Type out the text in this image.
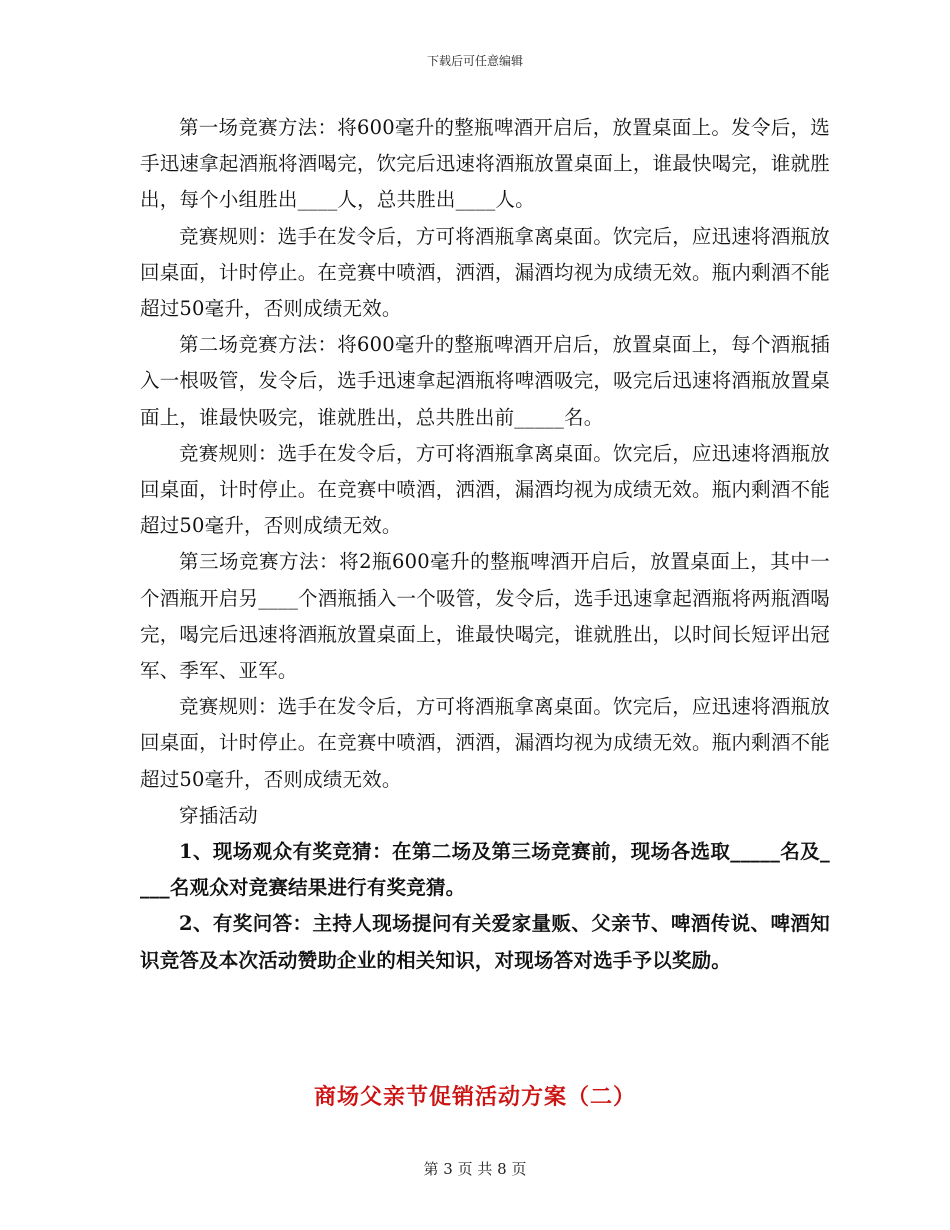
下载后可任意编辑

第一场竞赛方法：将600毫升的整瓶啤酒开启后，放置桌面上。发令后，选手迅速拿起酒瓶将酒喝完，饮完后迅速将酒瓶放置桌面上，谁最快喝完，谁就胜出，每个小组胜出____人，总共胜出____人。

竞赛规则：选手在发令后，方可将酒瓶拿离桌面。饮完后，应迅速将酒瓶放回桌面，计时停止。在竞赛中喷酒，洒酒，漏酒均视为成绩无效。瓶内剩酒不能超过50毫升，否则成绩无效。

第二场竞赛方法：将600毫升的整瓶啤酒开启后，放置桌面上，每个酒瓶插入一根吸管，发令后，选手迅速拿起酒瓶将啤酒吸完，吸完后迅速将酒瓶放置桌面上，谁最快吸完，谁就胜出，总共胜出前_____名。

竞赛规则：选手在发令后，方可将酒瓶拿离桌面。饮完后，应迅速将酒瓶放回桌面，计时停止。在竞赛中喷酒，洒酒，漏酒均视为成绩无效。瓶内剩酒不能超过50毫升，否则成绩无效。

第三场竞赛方法：将2瓶600毫升的整瓶啤酒开启后，放置桌面上，其中一个酒瓶开启另____个酒瓶插入一个吸管，发令后，选手迅速拿起酒瓶将两瓶酒喝完，喝完后迅速将酒瓶放置桌面上，谁最快喝完，谁就胜出，以时间长短评出冠军、季军、亚军。

竞赛规则：选手在发令后，方可将酒瓶拿离桌面。饮完后，应迅速将酒瓶放回桌面，计时停止。在竞赛中喷酒，洒酒，漏酒均视为成绩无效。瓶内剩酒不能超过50毫升，否则成绩无效。

穿插活动

1、现场观众有奖竞猜：在第二场及第三场竞赛前，现场各选取_____名及____名观众对竞赛结果进行有奖竞猜。

2、有奖问答：主持人现场提问有关爱家量贩、父亲节、啤酒传说、啤酒知识竞答及本次活动赞助企业的相关知识，对现场答对选手予以奖励。

商场父亲节促销活动方案（二）
第 3 页 共 8 页
